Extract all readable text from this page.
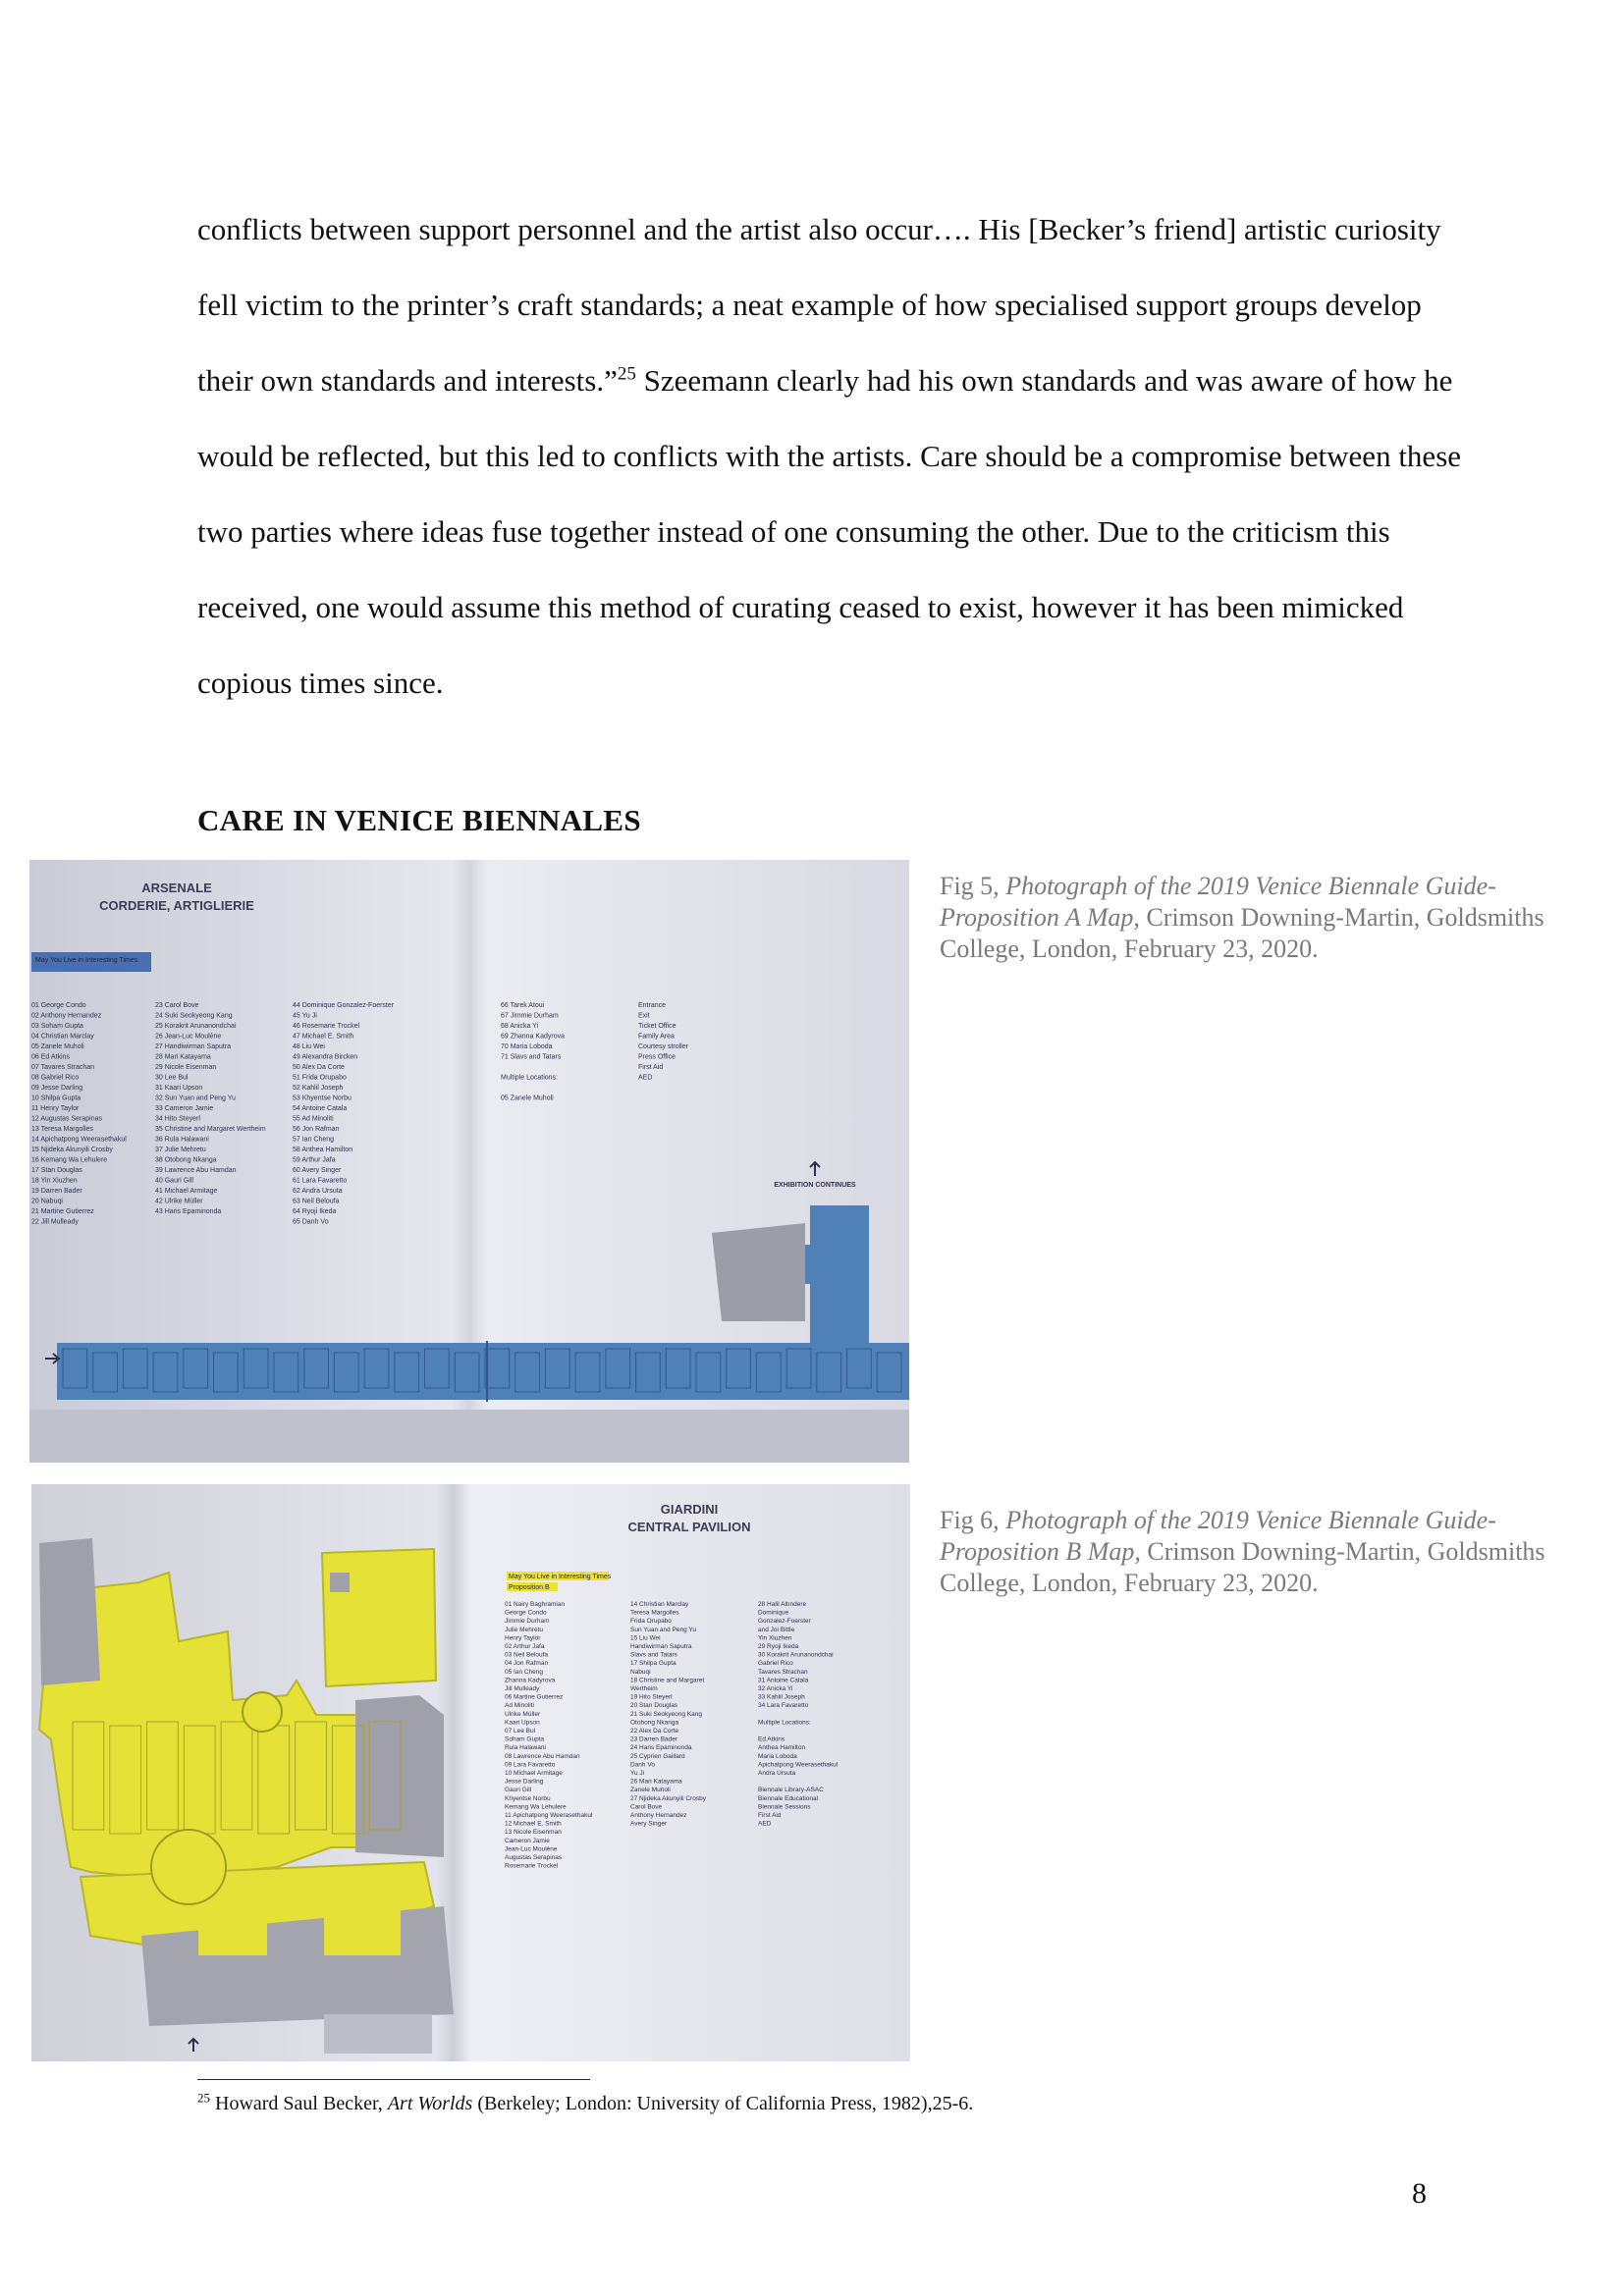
conflicts between support personnel and the artist also occur…. His [Becker’s friend] artistic curiosity fell victim to the printer’s craft standards; a neat example of how specialised support groups develop their own standards and interests.”$^{25}$ Szeemann clearly had his own standards and was aware of how he would be reflected, but this led to conflicts with the artists. Care should be a compromise between these two parties where ideas fuse together instead of one consuming the other. Due to the criticism this received, one would assume this method of curating ceased to exist, however it has been mimicked copious times since.

CARE IN VENICE BIENNALES
ARSENALE
CORDERIE, ARTIGLIERIE
May You Live in Interesting Times
01 George Condo
02 Anthony Hernandez
03 Soham Gupta
04 Christian Marclay
05 Zanele Muholi
06 Ed Atkins
07 Tavares Strachan
08 Gabriel Rico
09 Jesse Darling
10 Shilpa Gupta
11 Henry Taylor
12 Augustas Serapinas
13 Teresa Margolles
14 Apichatpong Weerasethakul
15 Njideka Akunyili Crosby
16 Kemang Wa Lehulere
17 Stan Douglas
18 Yin Xiuzhen
19 Darren Bader
20 Nabuqi
21 Martine Gutierrez
22 Jill Mulleady
23 Carol Bove
24 Suki Seokyeong Kang
25 Korakrit Arunanondchai
26 Jean-Luc Moulène
27 Handiwirman Saputra
28 Mari Katayama
29 Nicole Eisenman
30 Lee Bul
31 Kaari Upson
32 Sun Yuan and Peng Yu
33 Cameron Jamie
34 Hito Steyerl
35 Christine and Margaret Wertheim
36 Rula Halawani
37 Julie Mehretu
38 Otobong Nkanga
39 Lawrence Abu Hamdan
40 Gauri Gill
41 Michael Armitage
42 Ulrike Müller
43 Haris Epaminonda
44 Dominique Gonzalez-Foerster
45 Yu Ji
46 Rosemarie Trockel
47 Michael E. Smith
48 Liu Wei
49 Alexandra Bircken
50 Alex Da Corte
51 Frida Orupabo
52 Kahlil Joseph
53 Khyentse Norbu
54 Antoine Catala
55 Ad Minoliti
56 Jon Rafman
57 Ian Cheng
58 Anthea Hamilton
59 Arthur Jafa
60 Avery Singer
61 Lara Favaretto
62 Andra Ursuta
63 Neil Beloufa
64 Ryoji Ikeda
65 Danh Vo
66 Tarek Atoui
67 Jimmie Durham
68 Anicka Yi
69 Zhanna Kadyrova
70 Maria Loboda
71 Slavs and Tatars
Multiple Locations:
05 Zanele Muholi
Entrance
Exit
Ticket Office
Family Area
Courtesy stroller
Press Office
First Aid
AED
EXHIBITION CONTINUES

Fig 5, Photograph of the 2019 Venice Biennale Guide-Proposition A Map, Crimson Downing-Martin, Goldsmiths College, London, February 23, 2020.

GIARDINI
CENTRAL PAVILION
May You Live in Interesting Times
Proposition B
01 Nairy Baghramian
George Condo
Jimmie Durham
Julie Mehretu
Henry Taylor
02 Arthur Jafa
03 Neil Beloufa
04 Jon Rafman
05 Ian Cheng
Zhanna Kadyrova
Jill Mulleady
06 Martine Gutierrez
Ad Minoliti
Ulrike Müller
Kaari Upson
07 Lee Bul
Soham Gupta
Rula Halawani
08 Lawrence Abu Hamdan
09 Lara Favaretto
10 Michael Armitage
Jesse Darling
Gauri Gill
Khyentse Norbu
Kemang Wa Lehulere
11 Apichatpong Weerasethakul
12 Michael E. Smith
13 Nicole Eisenman
Cameron Jamie
Jean-Luc Moulène
Augustas Serapinas
Rosemarie Trockel
14 Christian Marclay
Teresa Margolles
Frida Orupabo
Sun Yuan and Peng Yu
15 Liu Wei
Handiwirman Saputra
Slavs and Tatars
17 Shilpa Gupta
Nabuqi
18 Christine and Margaret
Wertheim
19 Hito Steyerl
20 Stan Douglas
21 Suki Seokyeong Kang
Otobong Nkanga
22 Alex Da Corte
23 Darren Bader
24 Haris Epaminonda
25 Cyprien Gaillard
Danh Vo
Yu Ji
26 Mari Katayama
Zanele Muholi
27 Njideka Akunyili Crosby
Carol Bove
Anthony Hernandez
Avery Singer
28 Halil Altındere
Dominique
Gonzalez-Foerster
and Joi Bittle
Yin Xiuzhen
29 Ryoji Ikeda
30 Korakrit Arunanondchai
Gabriel Rico
Tavares Strachan
31 Antoine Catala
32 Anicka Yi
33 Kahlil Joseph
34 Lara Favaretto
Multiple Locations:
Ed Atkins
Anthea Hamilton
Maria Loboda
Apichatpong Weerasethakul
Andra Ursuta
Biennale Library-ASAC
Biennale Educational
Biennale Sessions
First Aid
AED

Fig 6, Photograph of the 2019 Venice Biennale Guide-Proposition B Map, Crimson Downing-Martin, Goldsmiths College, London, February 23, 2020.

$^{25}$ Howard Saul Becker, Art Worlds (Berkeley; London: University of California Press, 1982),25-6.

8
